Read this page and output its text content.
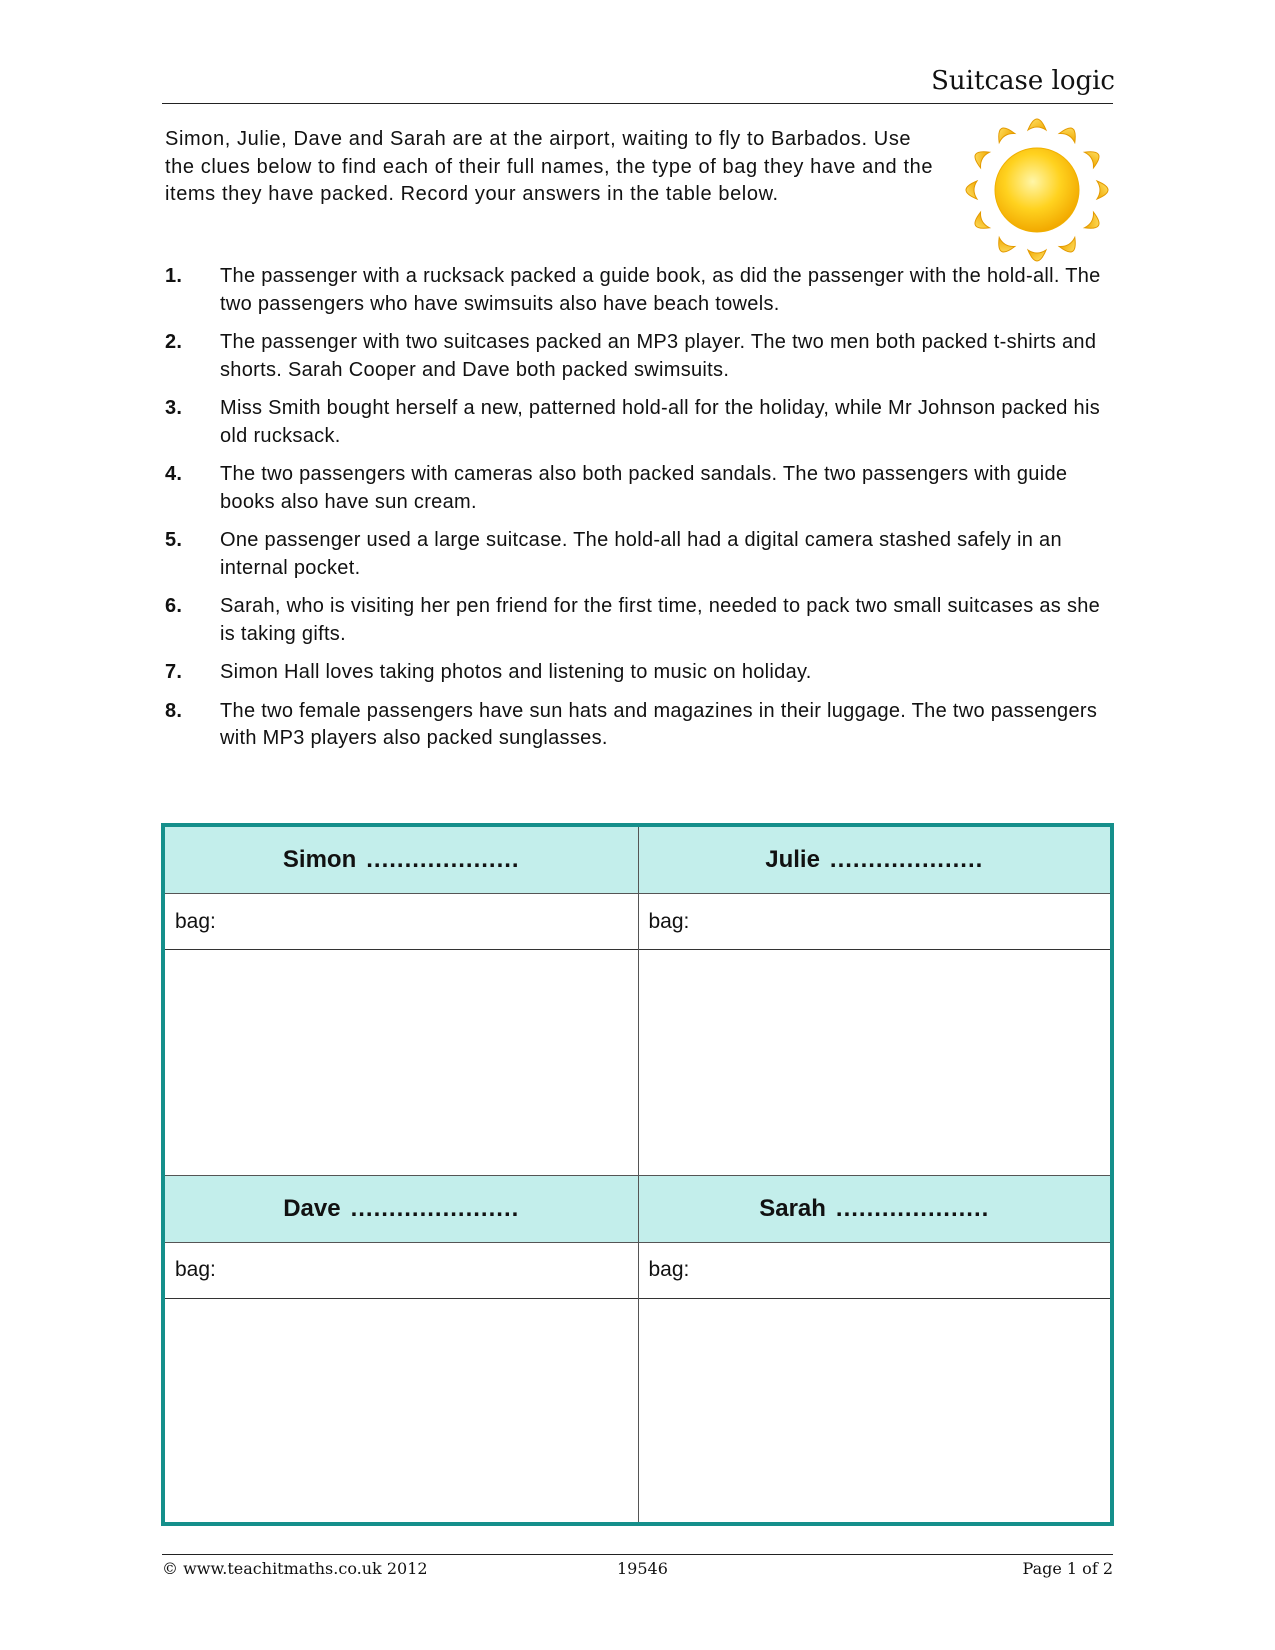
Suitcase logic
Simon, Julie, Dave and Sarah are at the airport, waiting to fly to Barbados. Use the clues below to find each of their full names, the type of bag they have and the items they have packed. Record your answers in the table below.
1.	The passenger with a rucksack packed a guide book, as did the passenger with the hold-all. The two passengers who have swimsuits also have beach towels.
2.	The passenger with two suitcases packed an MP3 player. The two men both packed t-shirts and shorts. Sarah Cooper and Dave both packed swimsuits.
3.	Miss Smith bought herself a new, patterned hold-all for the holiday, while Mr Johnson packed his old rucksack.
4.	The two passengers with cameras also both packed sandals. The two passengers with guide books also have sun cream.
5.	One passenger used a large suitcase. The hold-all had a digital camera stashed safely in an internal pocket.
6.	Sarah, who is visiting her pen friend for the first time, needed to pack two small suitcases as she is taking gifts.
7.	Simon Hall loves taking photos and listening to music on holiday.
8.	The two female passengers have sun hats and magazines in their luggage. The two passengers with MP3 players also packed sunglasses.
Simon ....................
bag:
Julie ....................
bag:
Dave ......................
bag:
Sarah ....................
bag:
© www.teachitmaths.co.uk 2012	19546	Page 1 of 2
